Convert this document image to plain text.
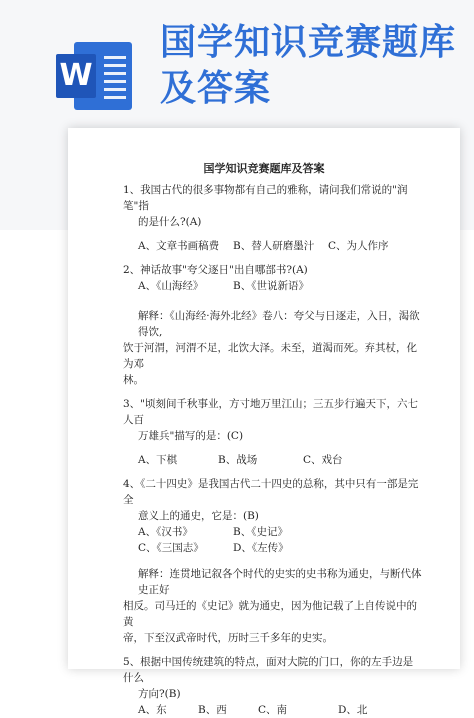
W
国学知识竞赛题库及答案
国学知识竞赛题库及答案

1、我国古代的很多事物都有自己的雅称，请问我们常说的"润笔"指

的是什么?(A)

A、文章书画稿费	B、替人研磨墨汁	C、为人作序

2、神话故事"夸父逐日"出自哪部书?(A)

A、《山海经》	B、《世说新语》

解释：《山海经·海外北经》卷八：夸父与日逐走，入日，渴欲得饮,

饮于河渭，河渭不足，北饮大泽。未至，道渴而死。弃其杖，化为邓

林。

3、"顷刻间千秋事业，方寸地万里江山；三五步行遍天下，六七人百

万雄兵"描写的是：(C)

A、下棋	B、战场	C、戏台

4、《二十四史》是我国古代二十四史的总称，其中只有一部是完全

意义上的通史，它是：(B)

A、《汉书》	B、《史记》
C、《三国志》	D、《左传》

解释：连贯地记叙各个时代的史实的史书称为通史，与断代体史正好

相反。司马迁的《史记》就为通史，因为他记载了上自传说中的黄

帝，下至汉武帝时代，历时三千多年的史实。

5、根据中国传统建筑的特点，面对大院的门口，你的左手边是什么

方向?(B)

A、东	B、西	C、南	D、北
